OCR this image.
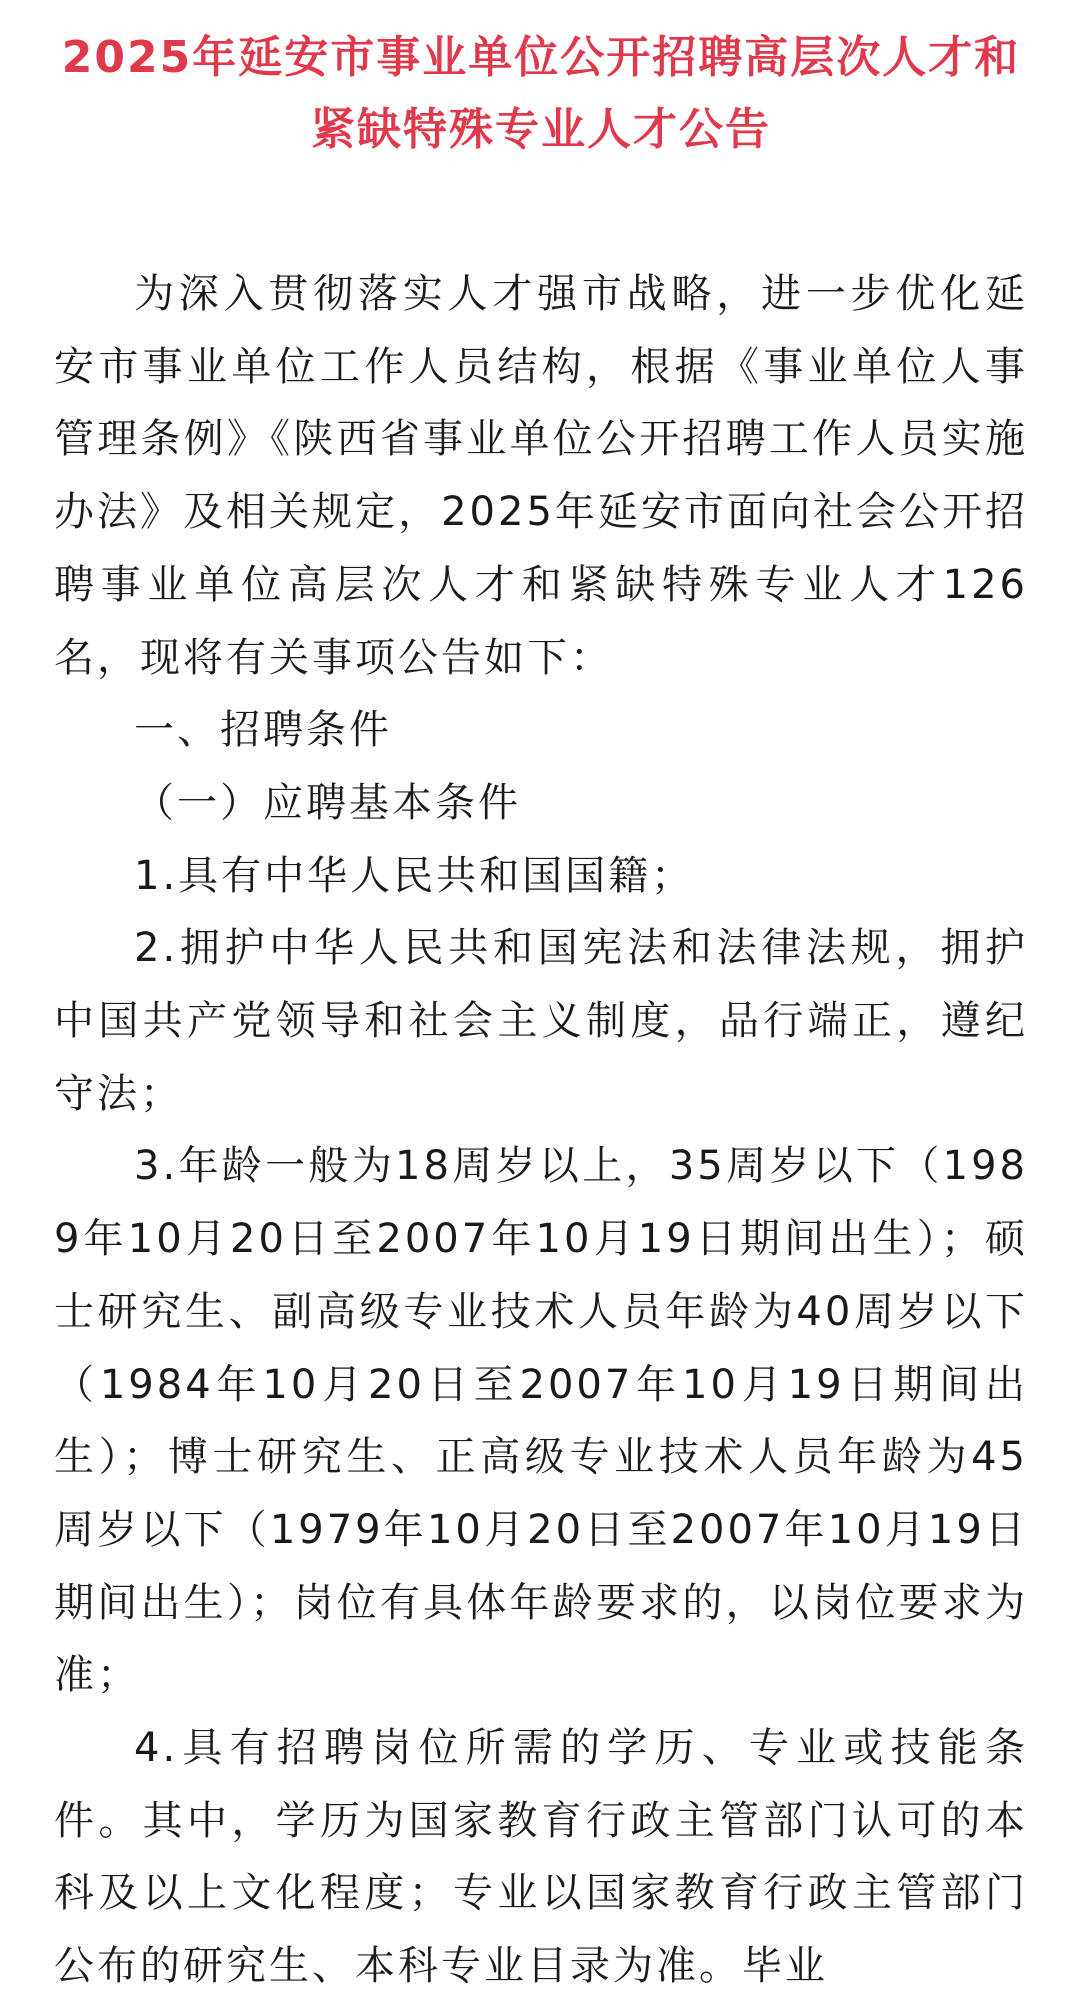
2025年延安市事业单位公开招聘高层次人才和紧缺特殊专业人才公告

为深入贯彻落实人才强市战略，进一步优化延安市事业单位工作人员结构，根据《事业单位人事管理条例》《陕西省事业单位公开招聘工作人员实施办法》及相关规定，2025年延安市面向社会公开招聘事业单位高层次人才和紧缺特殊专业人才126名，现将有关事项公告如下：

一、招聘条件

（一）应聘基本条件

1.具有中华人民共和国国籍；

2.拥护中华人民共和国宪法和法律法规，拥护中国共产党领导和社会主义制度，品行端正，遵纪守法；

3.年龄一般为18周岁以上，35周岁以下（1989年10月20日至2007年10月19日期间出生）；硕士研究生、副高级专业技术人员年龄为40周岁以下（1984年10月20日至2007年10月19日期间出生）；博士研究生、正高级专业技术人员年龄为45周岁以下（1979年10月20日至2007年10月19日期间出生）；岗位有具体年龄要求的，以岗位要求为准；

4.具有招聘岗位所需的学历、专业或技能条件。其中，学历为国家教育行政主管部门认可的本科及以上文化程度；专业以国家教育行政主管部门公布的研究生、本科专业目录为准。毕业
